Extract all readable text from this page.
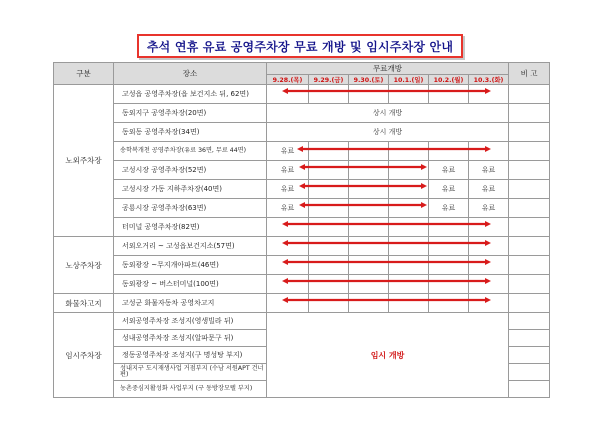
추석 연휴 유료 공영주차장 무료 개방 및 임시주차장 안내
구분	장소	무료개방						비 고
		9.28.(목)	9.29.(금)	9.30.(토)	10.1.(일)	10.2.(월)	10.3.(화)	
노외주차장	고성읍 공영주차장(읍 보건지소 뒤, 62면)							
	동외지구 공영주차장(20면)	상시 개방						
	동외동 공영주차장(34면)	상시 개방						
	송학복개천 공영주차장(유료 36면, 무료 44면)	유료						
	고성시장 공영주차장(52면)	유료				유료	유료	
	고성시장 가동 지하주차장(40면)	유료				유료	유료	
	공룡시장 공영주차장(63면)	유료				유료	유료	
	터미널 공영주차장(82면)							
노상주차장	서외오거리 ~ 고성읍보건지소(57면)							
	동외광장 ~무지개아파트(46면)							
	동외광장 ~ 버스터미널(100면)							
화물차고지	고성군 화물자동차 공영차고지							
임시주차장	서외공영주차장 조성지(영생빌라 뒤)	임시 개방						
	성내공영주차장 조성지(알파문구 뒤)							
	정동공영주차장 조성지(구 명성탕 부지)							
	성내지구 도시재생사업 거점부지 (수남 서원APT 건너편)							
	농촌중심지활성화 사업부지 (구 동방장모텔 부지)							
